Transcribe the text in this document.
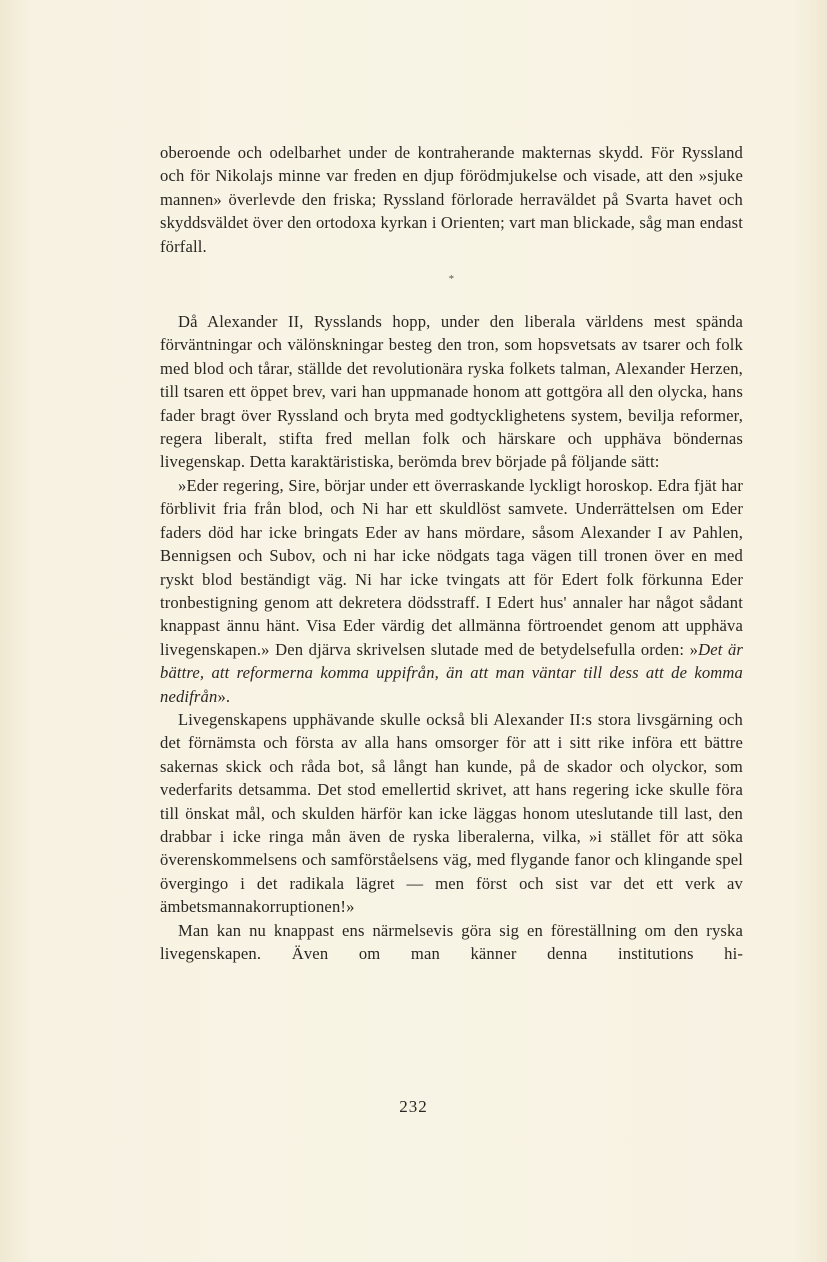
oberoende och odelbarhet under de kontraherande makternas skydd. För Ryssland och för Nikolajs minne var freden en djup förödmjukelse och visade, att den »sjuke mannen» överlevde den friska; Ryssland förlorade herraväldet på Svarta havet och skyddsväldet över den ortodoxa kyrkan i Orienten; vart man blickade, såg man endast förfall.

*

Då Alexander II, Rysslands hopp, under den liberala världens mest spända förväntningar och välönskningar besteg den tron, som hopsvetsats av tsarer och folk med blod och tårar, ställde det revolutionära ryska folkets talman, Alexander Herzen, till tsaren ett öppet brev, vari han uppmanade honom att gottgöra all den olycka, hans fader bragt över Ryssland och bryta med godtycklighetens system, bevilja reformer, regera liberalt, stifta fred mellan folk och härskare och upphäva böndernas livegenskap. Detta karaktäristiska, berömda brev började på följande sätt:

»Eder regering, Sire, börjar under ett överraskande lyckligt horoskop. Edra fjät har förblivit fria från blod, och Ni har ett skuldlöst samvete. Underrättelsen om Eder faders död har icke bringats Eder av hans mördare, såsom Alexander I av Pahlen, Bennigsen och Subov, och ni har icke nödgats taga vägen till tronen över en med ryskt blod beständigt väg. Ni har icke tvingats att för Edert folk förkunna Eder tronbestigning genom att dekretera dödsstraff. I Edert hus' annaler har något sådant knappast ännu hänt. Visa Eder värdig det allmänna förtroendet genom att upphäva livegenskapen.» Den djärva skrivelsen slutade med de betydelsefulla orden: »Det är bättre, att reformerna komma uppifrån, än att man väntar till dess att de komma nedifrån».

Livegenskapens upphävande skulle också bli Alexander II:s stora livsgärning och det förnämsta och första av alla hans omsorger för att i sitt rike införa ett bättre sakernas skick och råda bot, så långt han kunde, på de skador och olyckor, som vederfarits detsamma. Det stod emellertid skrivet, att hans regering icke skulle föra till önskat mål, och skulden härför kan icke läggas honom uteslutande till last, den drabbar i icke ringa mån även de ryska liberalerna, vilka, »i stället för att söka överenskommelsens och samförståelsens väg, med flygande fanor och klingande spel övergingo i det radikala lägret — men först och sist var det ett verk av ämbetsmannakorruptionen!»

Man kan nu knappast ens närmelsevis göra sig en föreställning om den ryska livegenskapen. Även om man känner denna institutions hi-

232
